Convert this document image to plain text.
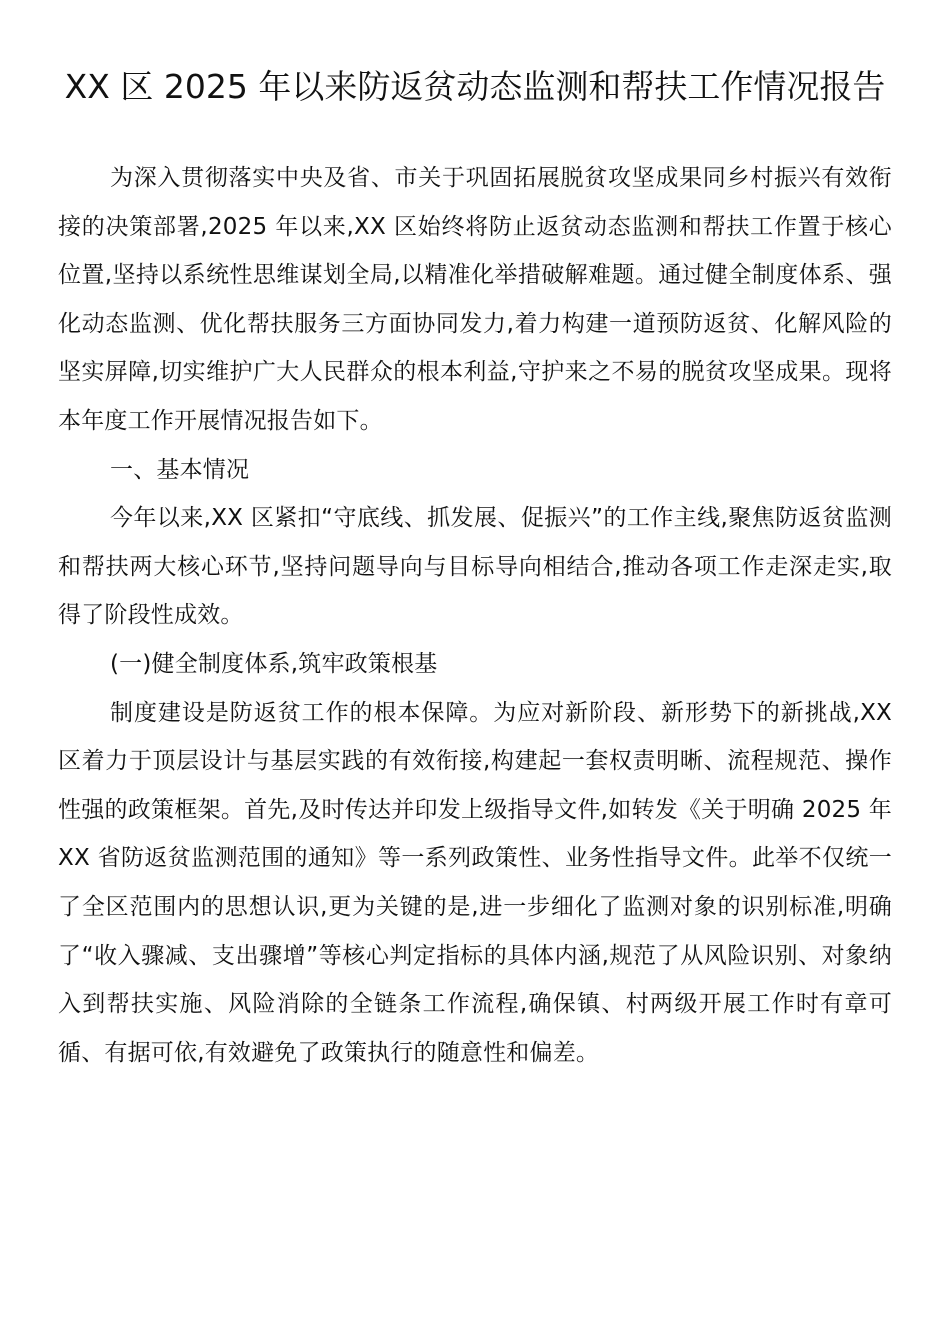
XX 区 2025 年以来防返贫动态监测和帮扶工作情况报告

为深入贯彻落实中央及省、市关于巩固拓展脱贫攻坚成果同乡村振兴有效衔接的决策部署,2025 年以来,XX 区始终将防止返贫动态监测和帮扶工作置于核心位置,坚持以系统性思维谋划全局,以精准化举措破解难题。通过健全制度体系、强化动态监测、优化帮扶服务三方面协同发力,着力构建一道预防返贫、化解风险的坚实屏障,切实维护广大人民群众的根本利益,守护来之不易的脱贫攻坚成果。现将本年度工作开展情况报告如下。

一、基本情况

今年以来,XX 区紧扣“守底线、抓发展、促振兴”的工作主线,聚焦防返贫监测和帮扶两大核心环节,坚持问题导向与目标导向相结合,推动各项工作走深走实,取得了阶段性成效。

(一)健全制度体系,筑牢政策根基

制度建设是防返贫工作的根本保障。为应对新阶段、新形势下的新挑战,XX 区着力于顶层设计与基层实践的有效衔接,构建起一套权责明晰、流程规范、操作性强的政策框架。首先,及时传达并印发上级指导文件,如转发《关于明确 2025 年 XX 省防返贫监测范围的通知》等一系列政策性、业务性指导文件。此举不仅统一了全区范围内的思想认识,更为关键的是,进一步细化了监测对象的识别标准,明确了“收入骤减、支出骤增”等核心判定指标的具体内涵,规范了从风险识别、对象纳入到帮扶实施、风险消除的全链条工作流程,确保镇、村两级开展工作时有章可循、有据可依,有效避免了政策执行的随意性和偏差。
